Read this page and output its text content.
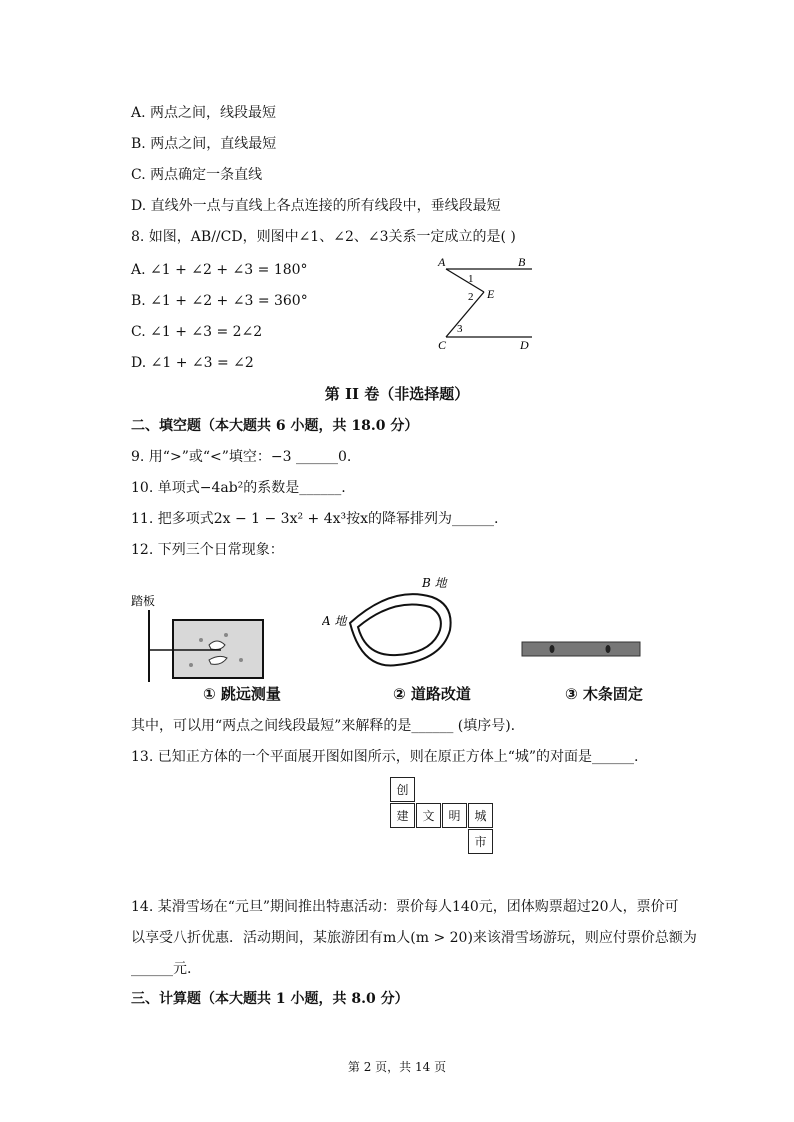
A. 两点之间，线段最短
B. 两点之间，直线最短
C. 两点确定一条直线
D. 直线外一点与直线上各点连接的所有线段中，垂线段最短
8. 如图，AB//CD，则图中∠1、∠2、∠3关系一定成立的是( )
A. ∠1 + ∠2 + ∠3 = 180°
B. ∠1 + ∠2 + ∠3 = 360°
C. ∠1 + ∠3 = 2∠2
D. ∠1 + ∠3 = ∠2
A	B
C	D
E
1
2
3
第 II 卷（非选择题）
二、填空题（本大题共 6 小题，共 18.0 分）
9. 用“>”或“<”填空：−3 ______0.
10. 单项式−4ab²的系数是______.
11. 把多项式2x − 1 − 3x² + 4x³按x的降幂排列为______.
12. 下列三个日常现象：
踏板
① 跳远测量
B 地
A 地
② 道路改道	③ 木条固定
其中，可以用“两点之间线段最短”来解释的是______ (填序号).
13. 已知正方体的一个平面展开图如图所示，则在原正方体上“城”的对面是______.
创
建	文	明	城
市
14. 某滑雪场在“元旦”期间推出特惠活动：票价每人140元，团体购票超过20人，票价可
以享受八折优惠．活动期间，某旅游团有m人(m > 20)来该滑雪场游玩，则应付票价总额为
______元.
三、计算题（本大题共 1 小题，共 8.0 分）
第 2 页，共 14 页
